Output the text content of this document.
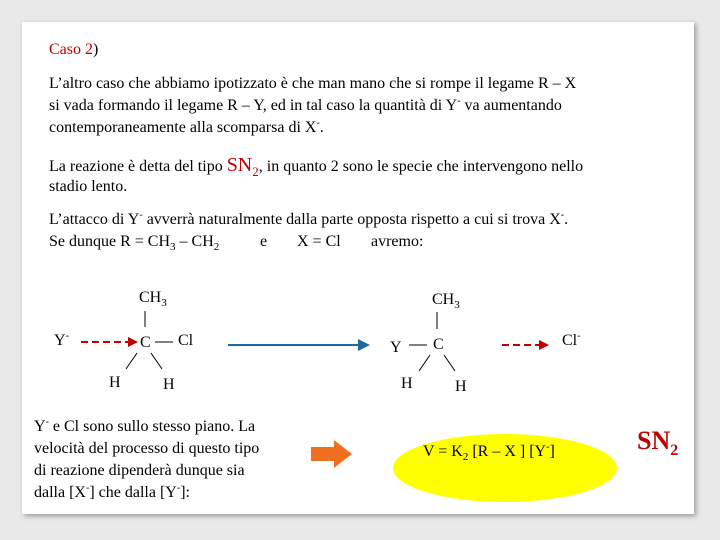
Caso 2)
L’altro caso che abbiamo ipotizzato è che man mano che si rompe il legame R – X
si vada formando il legame R – Y, ed in tal caso la quantità di Y- va aumentando
contemporaneamente alla scomparsa di X-.
La reazione è detta del tipo $SN_2$, in quanto 2 sono le specie che intervengono nello
stadio lento.
L’attacco di Y- avverrà naturalmente dalla parte opposta rispetto a cui si trova X-.
Se dunque $R = CH_3 - CH_2$	e X = Cl avremo:
$CH_3$
Y-	C Cl
H	H
$CH_3$
Y C	Cl-
H	H
Y- e Cl sono sullo stesso piano. La
velocità del processo di questo tipo
di reazione dipenderà dunque sia
dalla [X-] che dalla [Y-]:
$V = K_2$ [R – X ] [Y-]	$SN_2$
